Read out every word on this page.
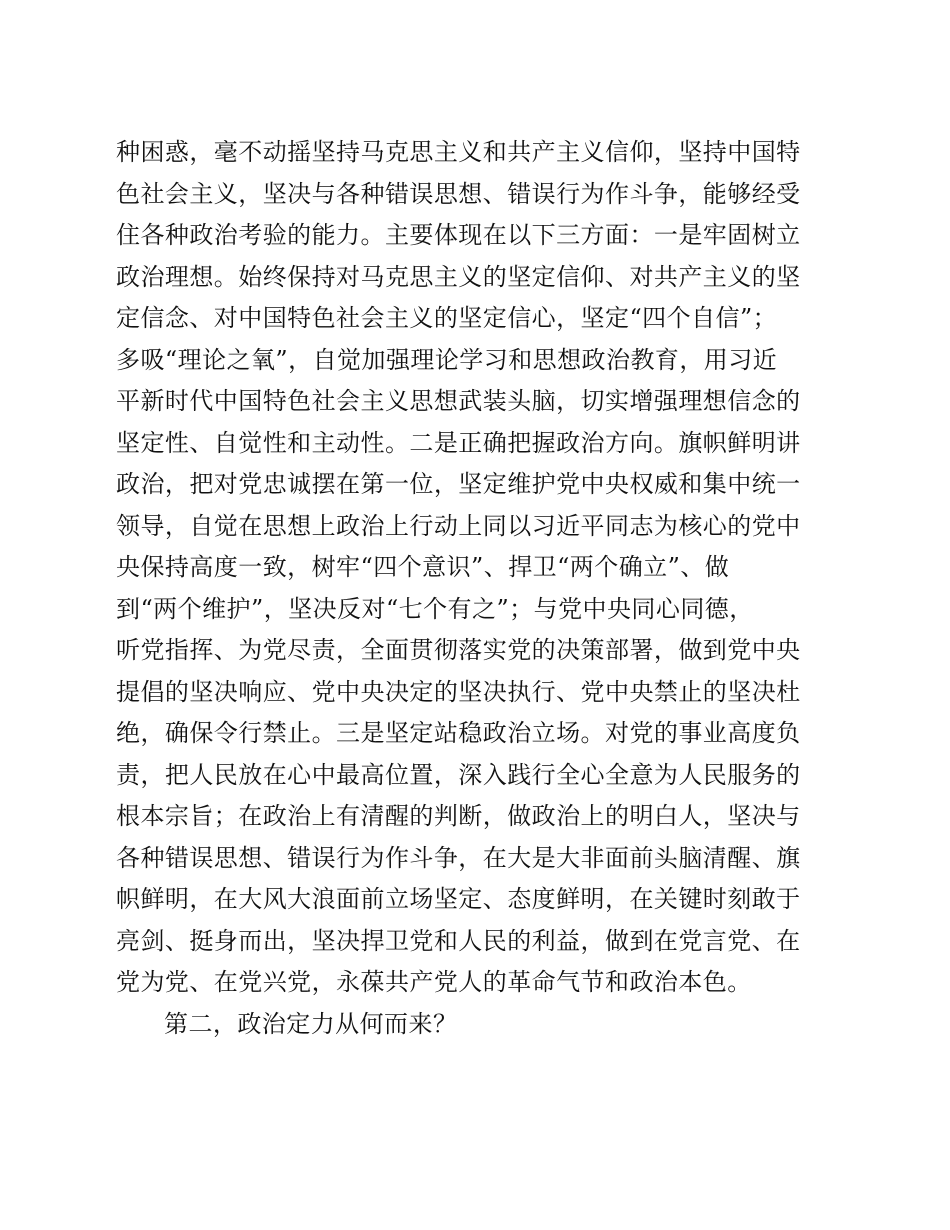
种困惑，毫不动摇坚持马克思主义和共产主义信仰，坚持中国特
色社会主义，坚决与各种错误思想、错误行为作斗争，能够经受
住各种政治考验的能力。主要体现在以下三方面：一是牢固树立
政治理想。始终保持对马克思主义的坚定信仰、对共产主义的坚
定信念、对中国特色社会主义的坚定信心，坚定“四个自信”；
多吸“理论之氧”，自觉加强理论学习和思想政治教育，用习近
平新时代中国特色社会主义思想武装头脑，切实增强理想信念的
坚定性、自觉性和主动性。二是正确把握政治方向。旗帜鲜明讲
政治，把对党忠诚摆在第一位，坚定维护党中央权威和集中统一
领导，自觉在思想上政治上行动上同以习近平同志为核心的党中
央保持高度一致，树牢“四个意识”、捍卫“两个确立”、做
到“两个维护”，坚决反对“七个有之”；与党中央同心同德，
听党指挥、为党尽责，全面贯彻落实党的决策部署，做到党中央
提倡的坚决响应、党中央决定的坚决执行、党中央禁止的坚决杜
绝，确保令行禁止。三是坚定站稳政治立场。对党的事业高度负
责，把人民放在心中最高位置，深入践行全心全意为人民服务的
根本宗旨；在政治上有清醒的判断，做政治上的明白人，坚决与
各种错误思想、错误行为作斗争，在大是大非面前头脑清醒、旗
帜鲜明，在大风大浪面前立场坚定、态度鲜明，在关键时刻敢于
亮剑、挺身而出，坚决捍卫党和人民的利益，做到在党言党、在
党为党、在党兴党，永葆共产党人的革命气节和政治本色。
第二，政治定力从何而来？
